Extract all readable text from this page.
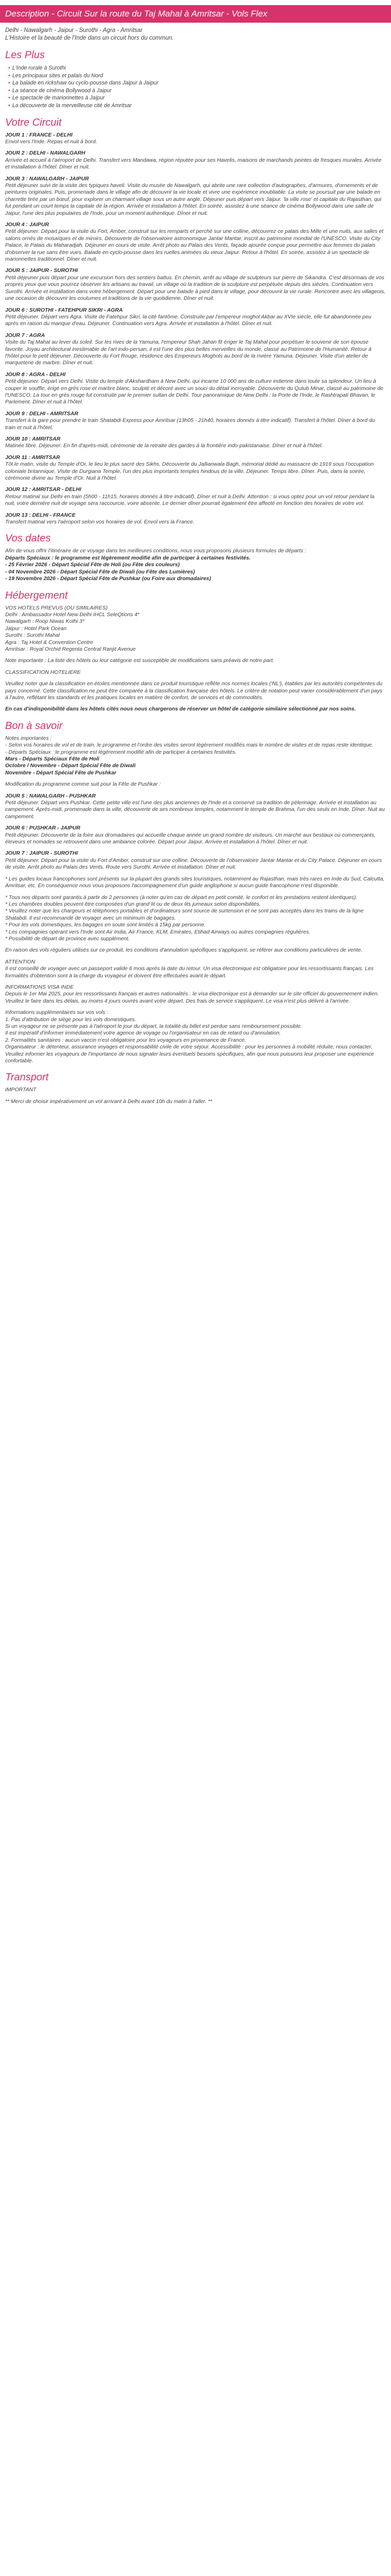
Description - Circuit Sur la route du Taj Mahal à Amritsar - Vols Flex

Delhi - Nawalgarh - Jaipur - Surothi - Agra - Amritsar

L'Histoire et la beauté de l'Inde dans un circuit hors du commun.

Les Plus
• L'Inde rurale à Surothi
• Les principaux sites et palais du Nord
• La balade en rickshaw ou cyclo-pousse dans Jaipur à Jaipur
• La séance de cinéma Bollywood à Jaipur
• Le spectacle de marionnettes à Jaipur
• La découverte de la merveilleuse cité de Amritsar
Votre Circuit

JOUR 1 : FRANCE - DELHI

Envol vers l'Inde. Repas et nuit à bord.

JOUR 2 : DELHI - NAWALGARH

Arrivée et accueil à l'aéroport de Delhi. Transfert vers Mandawa, région réputée pour ses Havelis, maisons de marchands peintes de fresques murales. Arrivée et installation à l'hôtel. Dîner et nuit.

JOUR 3 : NAWALGARH - JAIPUR

Petit déjeuner suivi de la visite des typiques haveli. Visite du musée de Nawalgarh, qui abrite une rare collection d'autographes, d'armures, d'ornements et de peintures originales. Puis, promenade dans le village afin de découvrir la vie locale et vivre une expérience inoubliable. La visite se poursuit par une balade en charrette tirée par un bœuf, pour explorer un charmant village sous un autre angle. Déjeuner puis départ vers Jaipur. 'la ville rose' et capitale du Rajasthan, qui fut pendant un court temps la capitale de la région. Arrivée et installation à l'hôtel. En soirée, assistez à une séance de cinéma Bollywood dans une salle de Jaipur, l'une des plus populaires de l'Inde, pour un moment authentique. Dîner et nuit.

JOUR 4 : JAIPUR

Petit déjeuner. Départ pour la visite du Fort, Amber, construit sur les remparts et perché sur une colline, découvrez ce palais des Mille et une nuits, aux salles et salons ornés de mosaïques et de miroirs. Découverte de l'observatoire astronomique Jantar Mantar, inscrit au patrimoine mondial de l'UNESCO. Visite du City Palace, le Palais du Maharadjah. Déjeuner en cours de visite. Arrêt photo au Palais des Vents, façade ajourée conçue pour permettre aux femmes du palais d'observer la rue sans être vues. Balade en cyclo-pousse dans les ruelles animées du vieux Jaipur. Retour à l'hôtel. En soirée, assistez à un spectacle de marionnettes traditionnel. Dîner et nuit.

JOUR 5 : JAIPUR - SUROTHI

Petit déjeuner puis départ pour une excursion hors des sentiers battus. En chemin, arrêt au village de sculpteurs sur pierre de Sikandra. C'est désormais de vos propres yeux que vous pourrez observer les artisans au travail, un village où la tradition de la sculpture est perpétuée depuis des siècles. Continuation vers Surothi. Arrivée et installation dans votre hébergement. Départ pour une balade à pied dans le village, pour découvrir la vie rurale. Rencontre avec les villageois, une occasion de découvrir les coutumes et traditions de la vie quotidienne. Dîner et nuit.

JOUR 6 : SUROTHI - FATEHPUR SIKRI - AGRA

Petit déjeuner. Départ vers Agra. Visite de Fatehpur Sikri, la cité fantôme. Construite par l'empereur moghol Akbar au XVIe siècle, elle fut abandonnée peu après en raison du manque d'eau. Déjeuner. Continuation vers Agra. Arrivée et installation à l'hôtel. Dîner et nuit.

JOUR 7 : AGRA

Visite du Taj Mahal au lever du soleil. Sur les rives de la Yamuna, l'empereur Shah Jahan fit ériger le Taj Mahal pour perpétuer le souvenir de son épouse favorite. Joyau architectural inestimable de l'art indo-persan, il est l'une des plus belles merveilles du monde, classé au Patrimoine de l'Humanité. Retour à l'hôtel pour le petit déjeuner. Découverte du Fort Rouge, résidence des Empereurs Moghols au bord de la rivière Yamuna. Déjeuner. Visite d'un atelier de marqueterie de marbre. Dîner et nuit.

JOUR 8 : AGRA - DELHI

Petit déjeuner. Départ vers Delhi. Visite du temple d'Akshardham à New Delhi, qui incarne 10 000 ans de culture indienne dans toute sa splendeur. Un lieu à couper le souffle, érigé en grès rose et marbre blanc, sculpté et décoré avec un souci du détail incroyable. Découverte du Qutub Minar, classé au patrimoine de l'UNESCO. La tour en grès rouge fut construite par le premier sultan de Delhi. Tour panoramique de New Delhi : la Porte de l'Inde, le Rashtrapati Bhavan, le Parlement. Dîner et nuit à l'hôtel.

JOUR 9 : DELHI - AMRITSAR

Transfert à la gare pour prendre le train Shatabdi Express pour Amritsar (13h05 - 21h40, horaires donnés à titre indicatif). Transfert à l'hôtel. Dîner à bord du train et nuit à l'hôtel.

JOUR 10 : AMRITSAR

Matinée libre. Déjeuner. En fin d'après-midi, cérémonie de la retraite des gardes à la frontière indo-pakistanaise. Dîner et nuit à l'hôtel.

JOUR 11 : AMRITSAR

Tôt le matin, visite du Temple d'Or, le lieu le plus sacré des Sikhs. Découverte du Jallianwala Bagh, mémorial dédié au massacre de 1919 sous l'occupation coloniale britannique. Visite de Durgiana Temple, l'un des plus importants temples hindous de la ville. Déjeuner. Temps libre. Dîner. Puis, dans la soirée, cérémonie divine au Temple d'Or. Nuit à l'hôtel.

JOUR 12 : AMRITSAR - DELHI

Retour matinal sur Delhi en train (5h00 - 11h15, horaires donnés à titre indicatif). Dîner et nuit à Delhi. Attention : si vous optez pour un vol retour pendant la nuit, votre dernière nuit de voyage sera raccourcie, voire absente. Le dernier dîner pourrait également être affecté en fonction des horaires de votre vol.

JOUR 13 : DELHI - FRANCE

Transfert matinal vers l'aéroport selon vos horaires de vol. Envol vers la France.

Vos dates

Afin de vous offrir l'itinéraire de ce voyage dans les meilleures conditions, nous vous proposons plusieurs formules de départs :

Départs Spéciaux : le programme est légèrement modifié afin de participer à certaines festivités.

- 25 Février 2026 - Départ Spécial Fête de Holi (ou Fête des couleurs)

- 04 Novembre 2026 - Départ Spécial Fête de Diwali (ou Fête des Lumières)

- 19 Novembre 2026 - Départ Spécial Fête de Pushkar (ou Foire aux dromadaires)

Hébergement

VOS HOTELS PREVUS (OU SIMILAIRES)

Delhi : Ambassador Hotel New Delhi IHCL SeleQtions 4*

Nawalgarh : Roop Niwas Kothi 3*

Jaipur : Hotel Park Ocean

Surothi : Surothi Mahal

Agra : Taj Hotel & Convention Centre

Amritsar : Royal Orchid Regenta Central Ranjit Avenue

Note importante : La liste des hôtels ou leur catégorie est susceptible de modifications sans préavis de notre part.

CLASSIFICATION HOTELIERE

Veuillez noter que la classification en étoiles mentionnée dans ce produit touristique reflète nos normes locales ('NL'), établies par les autorités compétentes du pays concerné. Cette classification ne peut être comparée à la classification française des hôtels. Le critère de notation peut varier considérablement d'un pays à l'autre, reflétant les standards et les pratiques locales en matière de confort, de services et de commodités.

En cas d'indisponibilité dans les hôtels cités nous nous chargerons de réserver un hôtel de catégorie similaire sélectionné par nos soins.

Bon à savoir

Notes importantes :

- Selon vos horaires de vol et de train, le programme et l'ordre des visites seront légèrement modifiés mais le nombre de visites et de repas reste identique.

- Départs Spéciaux : le programme est légèrement modifié afin de participer à certaines festivités.

Mars - Départs Spéciaux Fête de Holi

Octobre / Novembre - Départ Spécial Fête de Diwali

Novembre - Départ Spécial Fête de Pushkar

Modification du programme comme suit pour la Fête de Pushkar :

JOUR 5 : NAWALGARH - PUSHKAR

Petit déjeuner. Départ vers Pushkar. Cette petite ville est l'une des plus anciennes de l'Inde et a conservé sa tradition de pèlerinage. Arrivée et installation au campement. Après-midi, promenade dans la ville, découverte de ses nombreux temples, notamment le temple de Brahma, l'un des seuls en Inde. Dîner. Nuit au campement.

JOUR 6 : PUSHKAR - JAIPUR

Petit déjeuner. Découverte de la foire aux dromadaires qui accueille chaque année un grand nombre de visiteurs. Un marché aux bestiaux où commerçants, éleveurs et nomades se retrouvent dans une ambiance colorée. Départ pour Jaipur. Arrivée et installation à l'hôtel. Dîner et nuit.

JOUR 7 : JAIPUR - SUROTHI

Petit déjeuner. Départ pour la visite du Fort d'Amber, construit sur une colline. Découverte de l'observatoire Jantar Mantar et du City Palace. Déjeuner en cours de visite. Arrêt photo au Palais des Vents. Route vers Surothi. Arrivée et installation. Dîner et nuit.

* Les guides locaux francophones sont présents sur la plupart des grands sites touristiques, notamment au Rajasthan, mais très rares en Inde du Sud, Calcutta, Amritsar, etc. En conséquence nous vous proposons l'accompagnement d'un guide anglophone si aucun guide francophone n'est disponible.

* Tous nos départs sont garantis à partir de 2 personnes (à noter qu'en cas de départ en petit comité, le confort et les prestations restent identiques).

* Les chambres doubles peuvent être composées d'un grand lit ou de deux lits jumeaux selon disponibilités.

* Veuillez noter que les chargeurs et téléphones portables et d'ordinateurs sont source de surtension et ne sont pas acceptés dans les trains de la ligne Shatabdi. Il est recommandé de voyager avec un minimum de bagages.

* Pour les vols domestiques, les bagages en soute sont limités à 15kg par personne.

* Les compagnies opérant vers l'Inde sont Air India, Air France, KLM, Emirates, Etihad Airways ou autres compagnies régulières.

* Possibilité de départ de province avec supplément.

En raison des vols réguliers utilisés sur ce produit, les conditions d'annulation spécifiques s'appliquent, se référer aux conditions particulières de vente.

ATTENTION

Il est conseillé de voyager avec un passeport valide 6 mois après la date du retour. Un visa électronique est obligatoire pour les ressortissants français. Les formalités d'obtention sont à la charge du voyageur et doivent être effectuées avant le départ.

INFORMATIONS VISA INDE

Depuis le 1er Mai 2025, pour les ressortissants français et autres nationalités : le visa électronique est à demander sur le site officiel du gouvernement indien. Veuillez le faire dans les délais, au moins 4 jours ouvrés avant votre départ. Des frais de service s'appliquent. Le visa n'est plus délivré à l'arrivée.

Informations supplémentaires sur vos vols :

1. Pas d'attribution de siège pour les vols domestiques.

Si un voyageur ne se présente pas à l'aéroport le jour du départ, la totalité du billet est perdue sans remboursement possible.

Il est impératif d'informer immédiatement votre agence de voyage ou l'organisateur en cas de retard ou d'annulation.

2. Formalités sanitaires : aucun vaccin n'est obligatoire pour les voyageurs en provenance de France.

Organisateur : le détenteur, assurance voyages et responsabilité civile de votre séjour. Accessibilité : pour les personnes à mobilité réduite, nous contacter.

Veuillez informer les voyageurs de l'importance de nous signaler leurs éventuels besoins spécifiques, afin que nous puissions leur proposer une expérience confortable.

Transport

IMPORTANT

** Merci de choisir impérativement un vol arrivant à Delhi avant 10h du matin à l'aller. **
